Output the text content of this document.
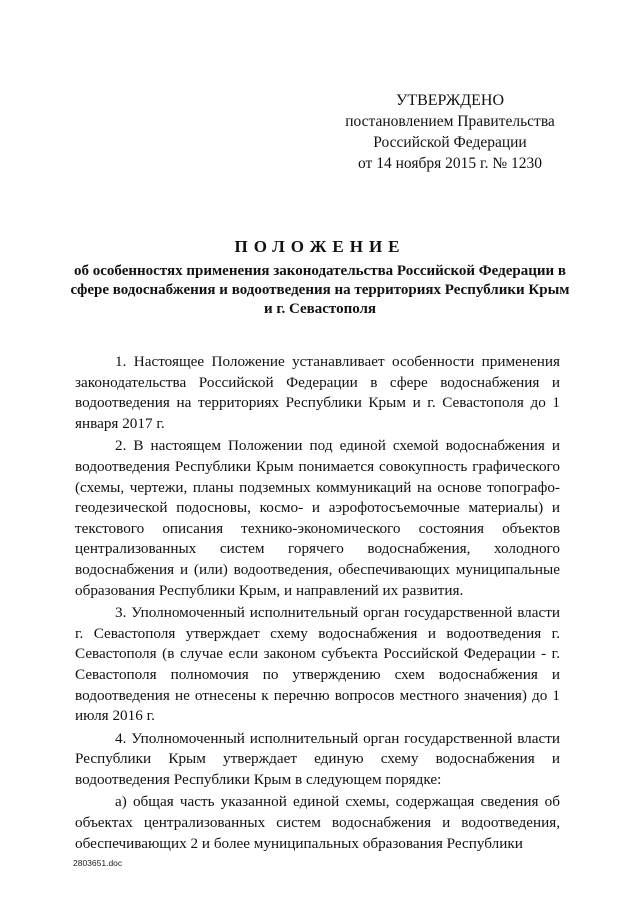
УТВЕРЖДЕНО
постановлением Правительства
Российской Федерации
от 14 ноября 2015 г. № 1230
ПОЛОЖЕНИЕ
об особенностях применения законодательства Российской Федерации в сфере водоснабжения и водоотведения на территориях Республики Крым и г. Севастополя

1. Настоящее Положение устанавливает особенности применения законодательства Российской Федерации в сфере водоснабжения и водоотведения на территориях Республики Крым и г. Севастополя до 1 января 2017 г.

2. В настоящем Положении под единой схемой водоснабжения и водоотведения Республики Крым понимается совокупность графического (схемы, чертежи, планы подземных коммуникаций на основе топографо-геодезической подосновы, космо- и аэрофотосъемочные материалы) и текстового описания технико-экономического состояния объектов централизованных систем горячего водоснабжения, холодного водоснабжения и (или) водоотведения, обеспечивающих муниципальные образования Республики Крым, и направлений их развития.

3. Уполномоченный исполнительный орган государственной власти г. Севастополя утверждает схему водоснабжения и водоотведения г. Севастополя (в случае если законом субъекта Российской Федерации - г. Севастополя полномочия по утверждению схем водоснабжения и водоотведения не отнесены к перечню вопросов местного значения) до 1 июля 2016 г.

4. Уполномоченный исполнительный орган государственной власти Республики Крым утверждает единую схему водоснабжения и водоотведения Республики Крым в следующем порядке:

а) общая часть указанной единой схемы, содержащая сведения об объектах централизованных систем водоснабжения и водоотведения, обеспечивающих 2 и более муниципальных образования Республики

2803651.doc
